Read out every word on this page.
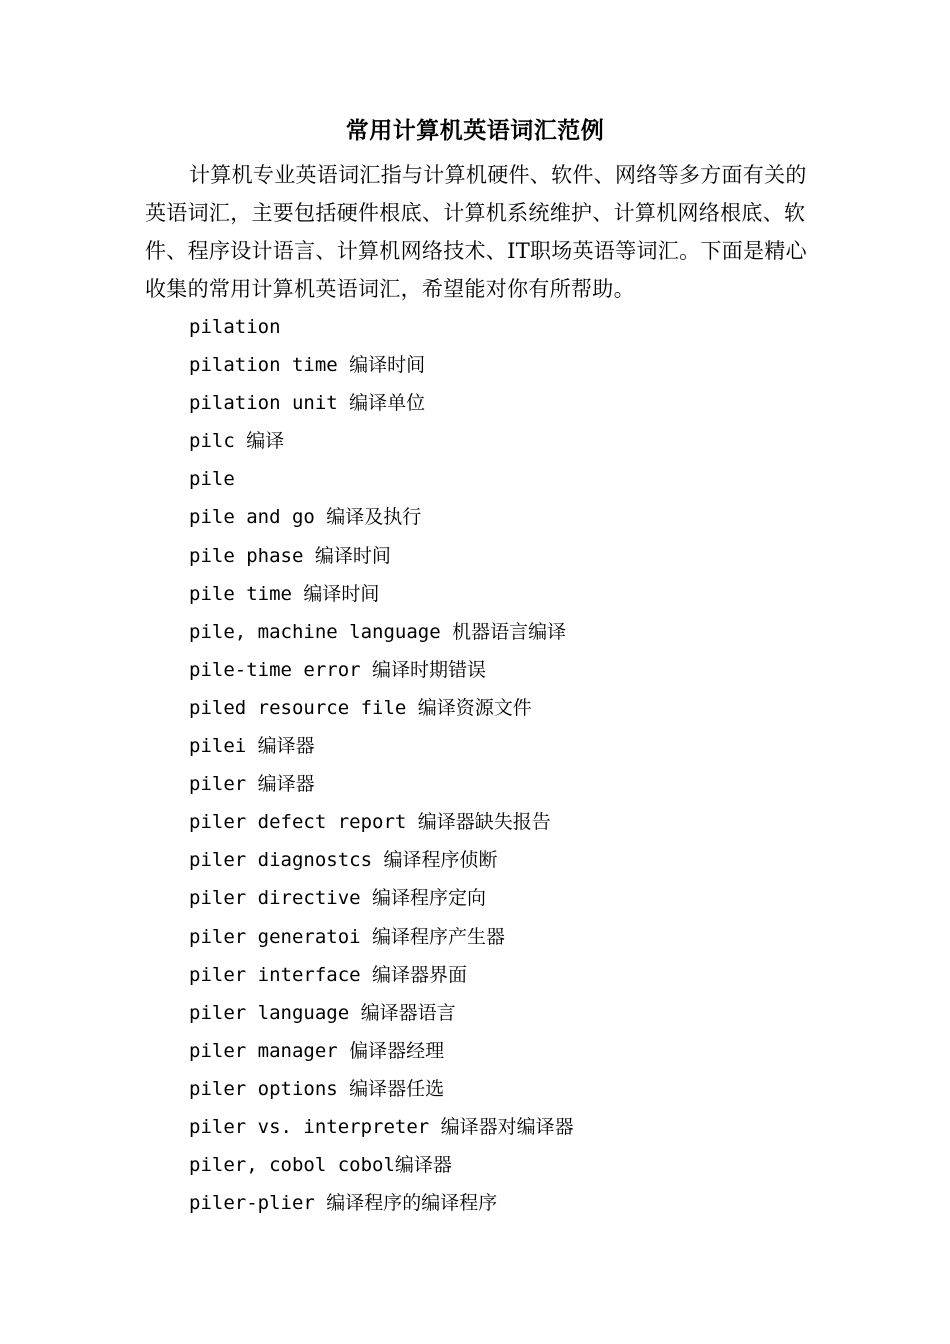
常用计算机英语词汇范例

计算机专业英语词汇指与计算机硬件、软件、网络等多方面有关的英语词汇，主要包括硬件根底、计算机系统维护、计算机网络根底、软件、程序设计语言、计算机网络技术、IT职场英语等词汇。下面是精心收集的常用计算机英语词汇，希望能对你有所帮助。

pilation
pilation time 编译时间
pilation unit 编译单位
pilc 编译
pile
pile and go 编译及执行
pile phase 编译时间
pile time 编译时间
pile, machine language 机器语言编译
pile-time error 编译时期错误
piled resource file 编译资源文件
pilei 编译器
piler 编译器
piler defect report 编译器缺失报告
piler diagnostcs 编译程序侦断
piler directive 编译程序定向
piler generatoi 编译程序产生器
piler interface 编译器界面
piler language 编译器语言
piler manager 偏译器经理
piler options 编译器任选
piler vs. interpreter 编译器对编译器
piler, cobol cobol编译器
piler-plier 编译程序的编译程序
